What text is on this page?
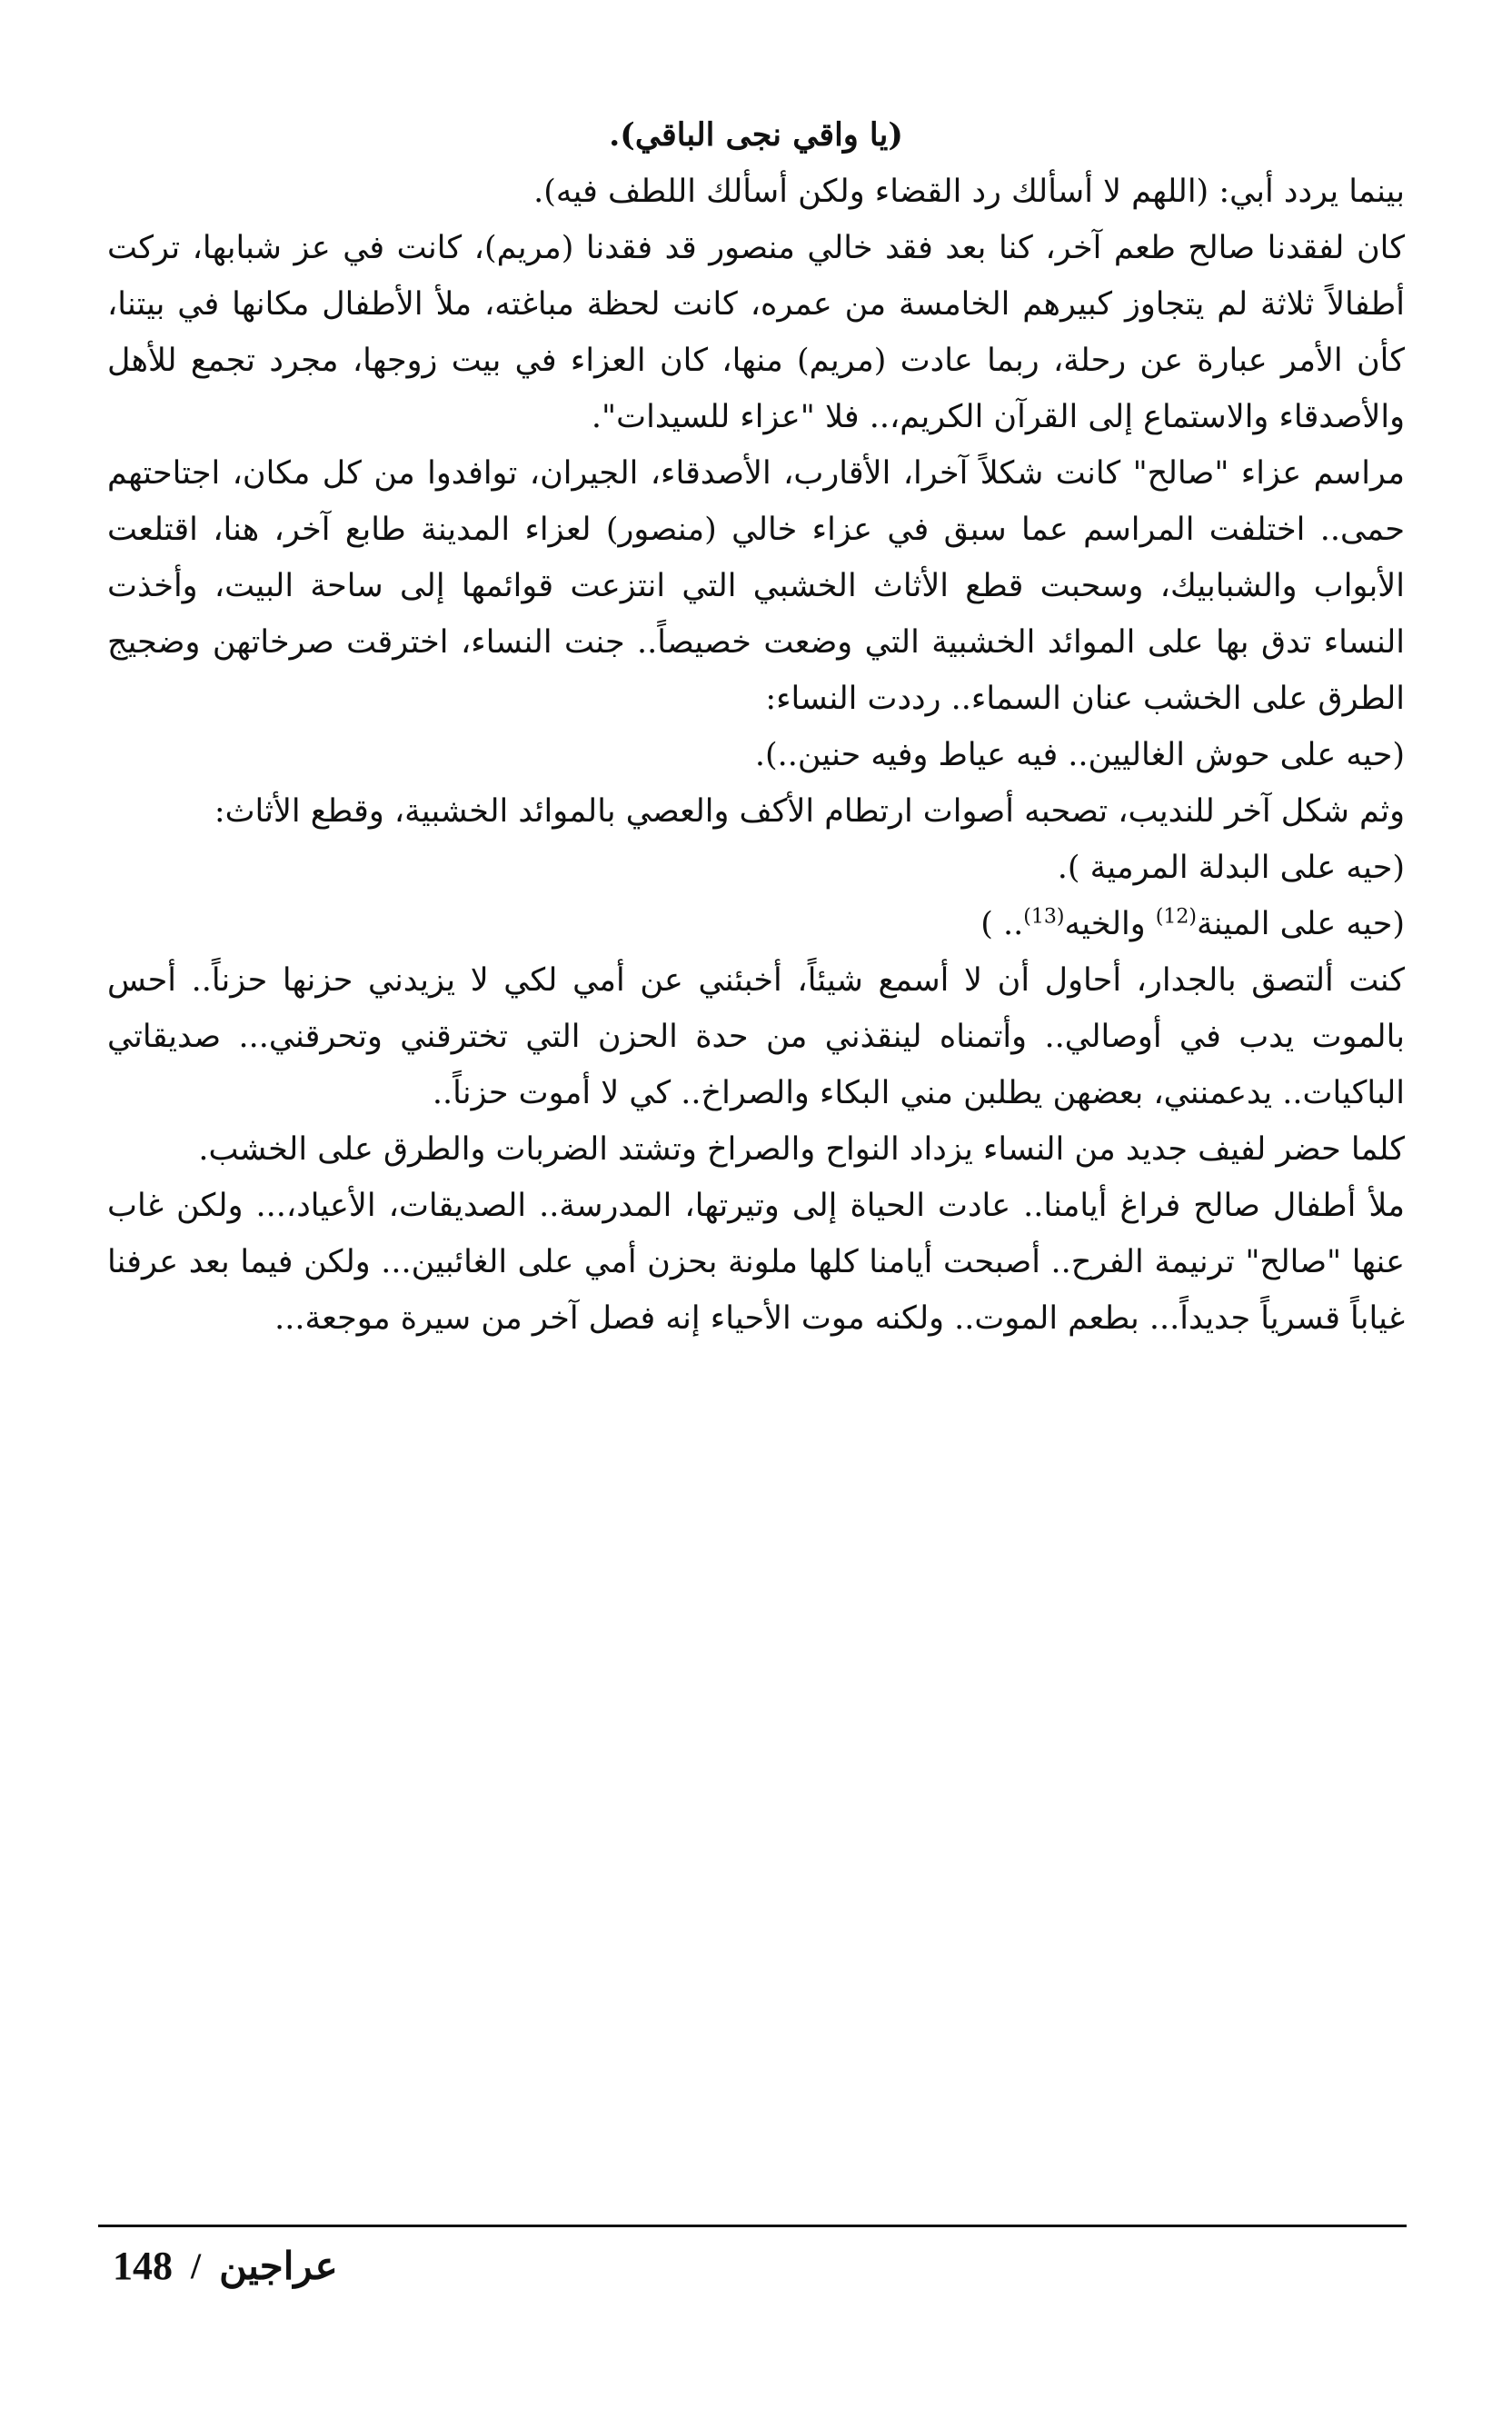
(يا واقي نجى الباقي).

بينما يردد أبي: (اللهم لا أسألك رد القضاء ولكن أسألك اللطف فيه).

كان لفقدنا صالح طعم آخر، كنا بعد فقد خالي منصور قد فقدنا (مريم)، كانت في عز شبابها، تركت أطفالاً ثلاثة لم يتجاوز كبيرهم الخامسة من عمره، كانت لحظة مباغته، ملأ الأطفال مكانها في بيتنا، كأن الأمر عبارة عن رحلة، ربما عادت (مريم) منها، كان العزاء في بيت زوجها، مجرد تجمع للأهل والأصدقاء والاستماع إلى القرآن الكريم،.. فلا "عزاء للسيدات".

مراسم عزاء "صالح" كانت شكلاً آخرا، الأقارب، الأصدقاء، الجيران، توافدوا من كل مكان، اجتاحتهم حمى.. اختلفت المراسم عما سبق في عزاء خالي (منصور) لعزاء المدينة طابع آخر، هنا، اقتلعت الأبواب والشبابيك، وسحبت قطع الأثاث الخشبي التي انتزعت قوائمها إلى ساحة البيت، وأخذت النساء تدق بها على الموائد الخشبية التي وضعت خصيصاً.. جنت النساء، اخترقت صرخاتهن وضجيج الطرق على الخشب عنان السماء.. رددت النساء:

(حيه على حوش الغاليين.. فيه عياط وفيه حنين..).

وثم شكل آخر للنديب، تصحبه أصوات ارتطام الأكف والعصي بالموائد الخشبية، وقطع الأثاث:

(حيه على البدلة المرمية ).

(حيه على المينة$^{(12)}$ والخيه$^{(13)}$.. )

كنت ألتصق بالجدار، أحاول أن لا أسمع شيئاً، أخبئني عن أمي لكي لا يزيدني حزنها حزناً.. أحس بالموت يدب في أوصالي.. وأتمناه لينقذني من حدة الحزن التي تخترقني وتحرقني... صديقاتي الباكيات.. يدعمنني، بعضهن يطلبن مني البكاء والصراخ.. كي لا أموت حزناً..

كلما حضر لفيف جديد من النساء يزداد النواح والصراخ وتشتد الضربات والطرق على الخشب.

ملأ أطفال صالح فراغ أيامنا.. عادت الحياة إلى وتيرتها، المدرسة.. الصديقات، الأعياد،... ولكن غاب عنها "صالح" ترنيمة الفرح.. أصبحت أيامنا كلها ملونة بحزن أمي على الغائبين... ولكن فيما بعد عرفنا غياباً قسرياً جديداً... بطعم الموت.. ولكنه موت الأحياء إنه فصل آخر من سيرة موجعة...

148 / عراجين
